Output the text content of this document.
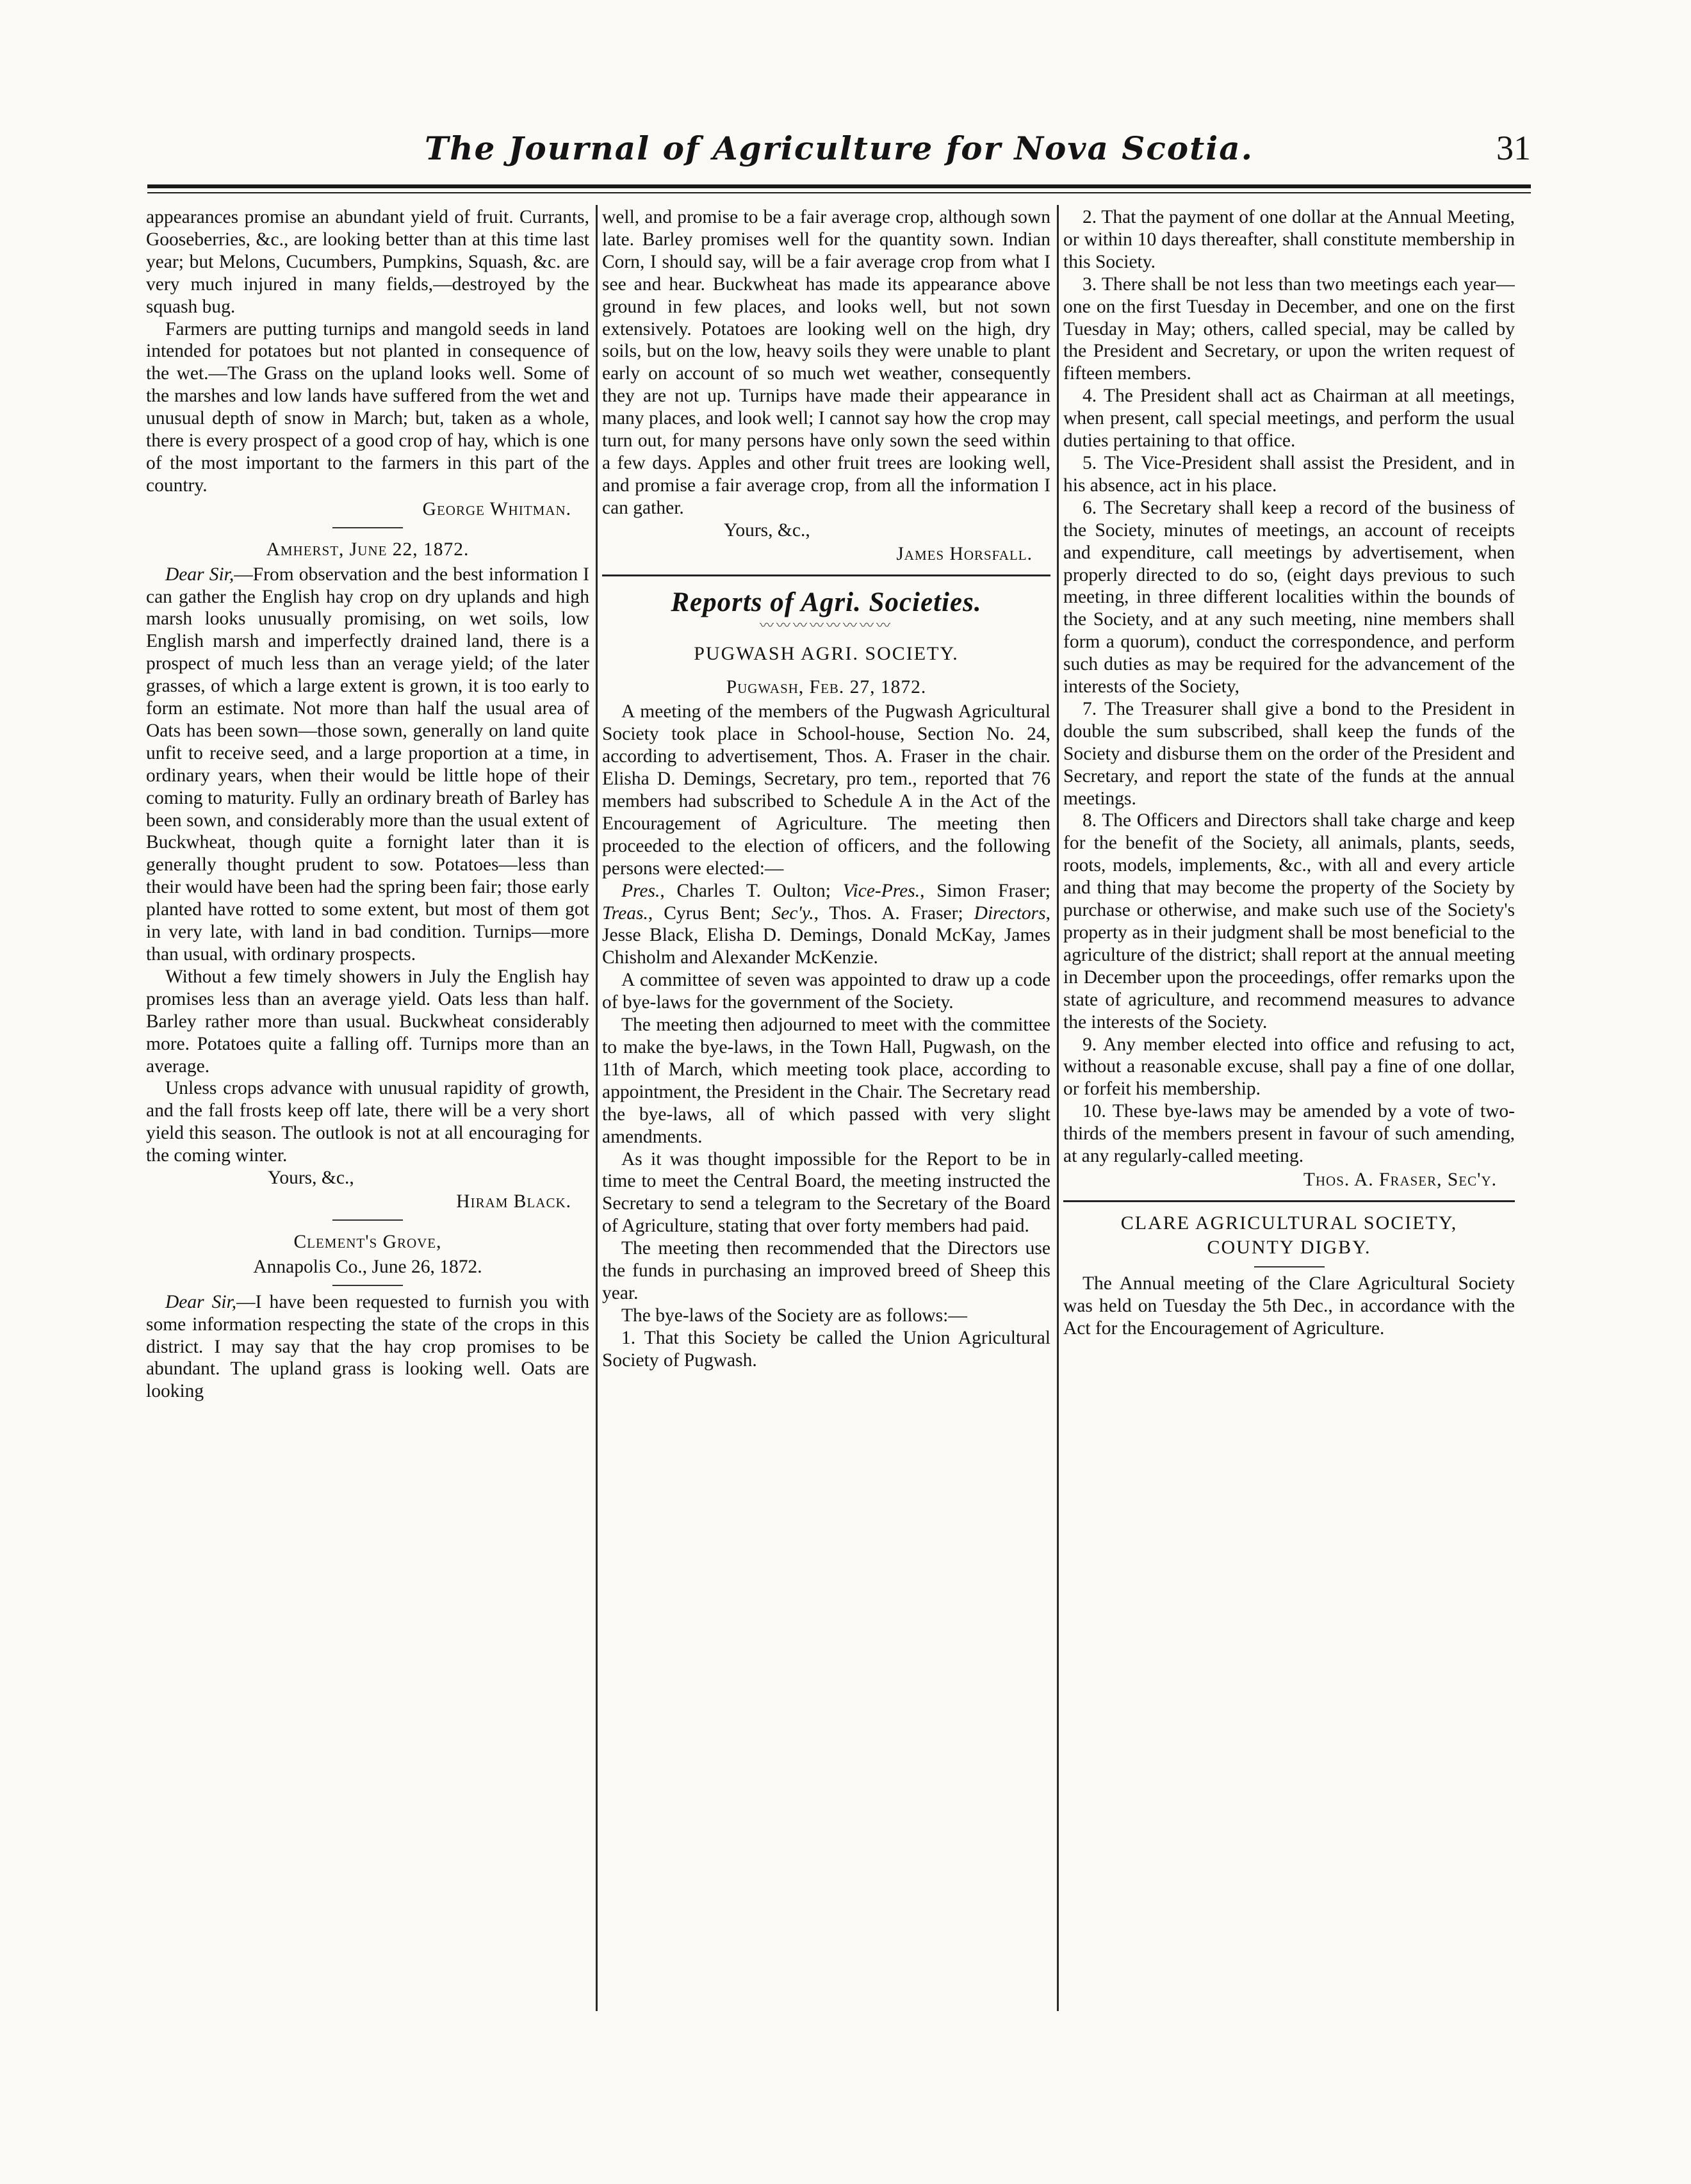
The Journal of Agriculture for Nova Scotia.	31

appearances promise an abundant yield of fruit. Currants, Gooseberries, &c., are looking better than at this time last year; but Melons, Cucumbers, Pumpkins, Squash, &c. are very much injured in many fields,—destroyed by the squash bug.

Farmers are putting turnips and mangold seeds in land intended for potatoes but not planted in consequence of the wet.—The Grass on the upland looks well. Some of the marshes and low lands have suffered from the wet and unusual depth of snow in March; but, taken as a whole, there is every prospect of a good crop of hay, which is one of the most important to the farmers in this part of the country.

George Whitman.
Amherst, June 22, 1872.

Dear Sir,—From observation and the best information I can gather the English hay crop on dry uplands and high marsh looks unusually promising, on wet soils, low English marsh and imperfectly drained land, there is a prospect of much less than an verage yield; of the later grasses, of which a large extent is grown, it is too early to form an estimate. Not more than half the usual area of Oats has been sown—those sown, generally on land quite unfit to receive seed, and a large proportion at a time, in ordinary years, when their would be little hope of their coming to maturity. Fully an ordinary breath of Barley has been sown, and considerably more than the usual extent of Buckwheat, though quite a fornight later than it is generally thought prudent to sow. Potatoes—less than their would have been had the spring been fair; those early planted have rotted to some extent, but most of them got in very late, with land in bad condition. Turnips—more than usual, with ordinary prospects.

Without a few timely showers in July the English hay promises less than an average yield. Oats less than half. Barley rather more than usual. Buckwheat considerably more. Potatoes quite a falling off. Turnips more than an average.

Unless crops advance with unusual rapidity of growth, and the fall frosts keep off late, there will be a very short yield this season. The outlook is not at all encouraging for the coming winter.

Yours, &c.,
Hiram Black.
Clement's Grove,
Annapolis Co., June 26, 1872.

Dear Sir,—I have been requested to furnish you with some information respecting the state of the crops in this district. I may say that the hay crop promises to be abundant. The upland grass is looking well. Oats are looking

well, and promise to be a fair average crop, although sown late. Barley promises well for the quantity sown. Indian Corn, I should say, will be a fair average crop from what I see and hear. Buckwheat has made its appearance above ground in few places, and looks well, but not sown extensively. Potatoes are looking well on the high, dry soils, but on the low, heavy soils they were unable to plant early on account of so much wet weather, consequently they are not up. Turnips have made their appearance in many places, and look well; I cannot say how the crop may turn out, for many persons have only sown the seed within a few days. Apples and other fruit trees are looking well, and promise a fair average crop, from all the information I can gather.

Yours, &c.,
James Horsfall.
Reports of Agri. Societies.
〰〰〰〰〰〰〰〰
PUGWASH AGRI. SOCIETY.
Pugwash, Feb. 27, 1872.

A meeting of the members of the Pugwash Agricultural Society took place in School-house, Section No. 24, according to advertisement, Thos. A. Fraser in the chair. Elisha D. Demings, Secretary, pro tem., reported that 76 members had subscribed to Schedule A in the Act of the Encouragement of Agriculture. The meeting then proceeded to the election of officers, and the following persons were elected:—

Pres., Charles T. Oulton; Vice-Pres., Simon Fraser; Treas., Cyrus Bent; Sec'y., Thos. A. Fraser; Directors, Jesse Black, Elisha D. Demings, Donald McKay, James Chisholm and Alexander McKenzie.

A committee of seven was appointed to draw up a code of bye-laws for the government of the Society.

The meeting then adjourned to meet with the committee to make the bye-laws, in the Town Hall, Pugwash, on the 11th of March, which meeting took place, according to appointment, the President in the Chair. The Secretary read the bye-laws, all of which passed with very slight amendments.

As it was thought impossible for the Report to be in time to meet the Central Board, the meeting instructed the Secretary to send a telegram to the Secretary of the Board of Agriculture, stating that over forty members had paid.

The meeting then recommended that the Directors use the funds in purchasing an improved breed of Sheep this year.

The bye-laws of the Society are as follows:—

1. That this Society be called the Union Agricultural Society of Pugwash.

2. That the payment of one dollar at the Annual Meeting, or within 10 days thereafter, shall constitute membership in this Society.

3. There shall be not less than two meetings each year—one on the first Tuesday in December, and one on the first Tuesday in May; others, called special, may be called by the President and Secretary, or upon the writen request of fifteen members.

4. The President shall act as Chairman at all meetings, when present, call special meetings, and perform the usual duties pertaining to that office.

5. The Vice-President shall assist the President, and in his absence, act in his place.

6. The Secretary shall keep a record of the business of the Society, minutes of meetings, an account of receipts and expenditure, call meetings by advertisement, when properly directed to do so, (eight days previous to such meeting, in three different localities within the bounds of the Society, and at any such meeting, nine members shall form a quorum), conduct the correspondence, and perform such duties as may be required for the advancement of the interests of the Society,

7. The Treasurer shall give a bond to the President in double the sum subscribed, shall keep the funds of the Society and disburse them on the order of the President and Secretary, and report the state of the funds at the annual meetings.

8. The Officers and Directors shall take charge and keep for the benefit of the Society, all animals, plants, seeds, roots, models, implements, &c., with all and every article and thing that may become the property of the Society by purchase or otherwise, and make such use of the Society's property as in their judgment shall be most beneficial to the agriculture of the district; shall report at the annual meeting in December upon the proceedings, offer remarks upon the state of agriculture, and recommend measures to advance the interests of the Society.

9. Any member elected into office and refusing to act, without a reasonable excuse, shall pay a fine of one dollar, or forfeit his membership.

10. These bye-laws may be amended by a vote of two-thirds of the members present in favour of such amending, at any regularly-called meeting.

Thos. A. Fraser, Sec'y.
CLARE AGRICULTURAL SOCIETY,
COUNTY DIGBY.

The Annual meeting of the Clare Agricultural Society was held on Tuesday the 5th Dec., in accordance with the Act for the Encouragement of Agriculture.
